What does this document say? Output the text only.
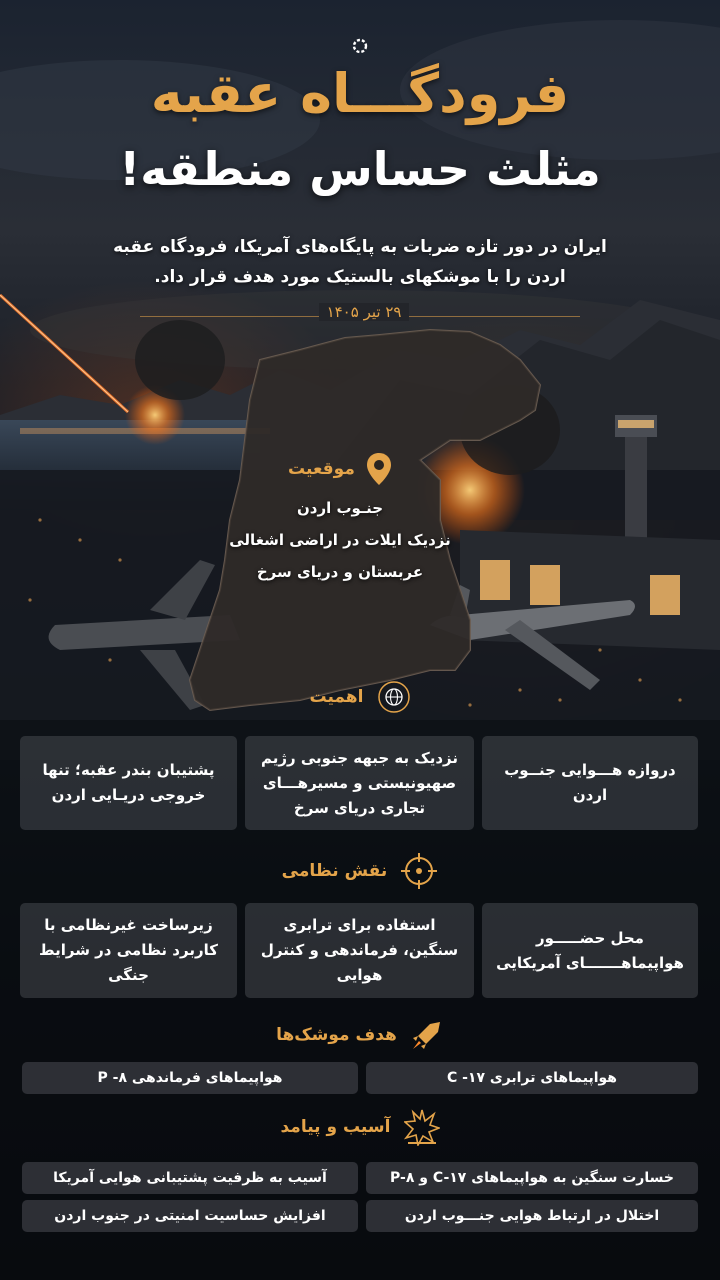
فرودگـــاه عقبه
مثلث حساس منطقه!
ایران در دور تازه ضربات به پایگاه‌های آمریکا، فرودگاه عقبه اردن را با موشکهای بالستیک مورد هدف قرار داد.
۲۹ تیر ۱۴۰۵
موقعیت
جنـوب اردن
نزدیک ایلات در اراضی اشغالی
عربستان و دریای سرخ
اهمیت
دروازه هـــوایی جنــوب اردن
نزدیک به جبهه جنوبی رژیم صهیونیستی و مسیرهـــای تجاری دریای سرخ
پشتیبان بندر عقبه؛ تنها خروجی دریـایی اردن
نقش نظامی
محل حضـــــور هواپیماهـــــــای آمریکایی
استفاده برای ترابری سنگین، فرماندهی و کنترل هوایی
زیرساخت غیرنظامی با کاربرد نظامی در شرایط جنگی
هدف موشک‌ها
هواپیماهای ترابری C -۱۷
هواپیماهای فرماندهی ۸- P
آسیب و پیامد
خسارت سنگین به هواپیماهای C-۱۷ و P-۸
آسیب به ظرفیت پشتیبانی هوایی آمریکا
اختلال در ارتباط هوایی جنـــوب اردن
افزایش حساسیت امنیتی در جنوب اردن
